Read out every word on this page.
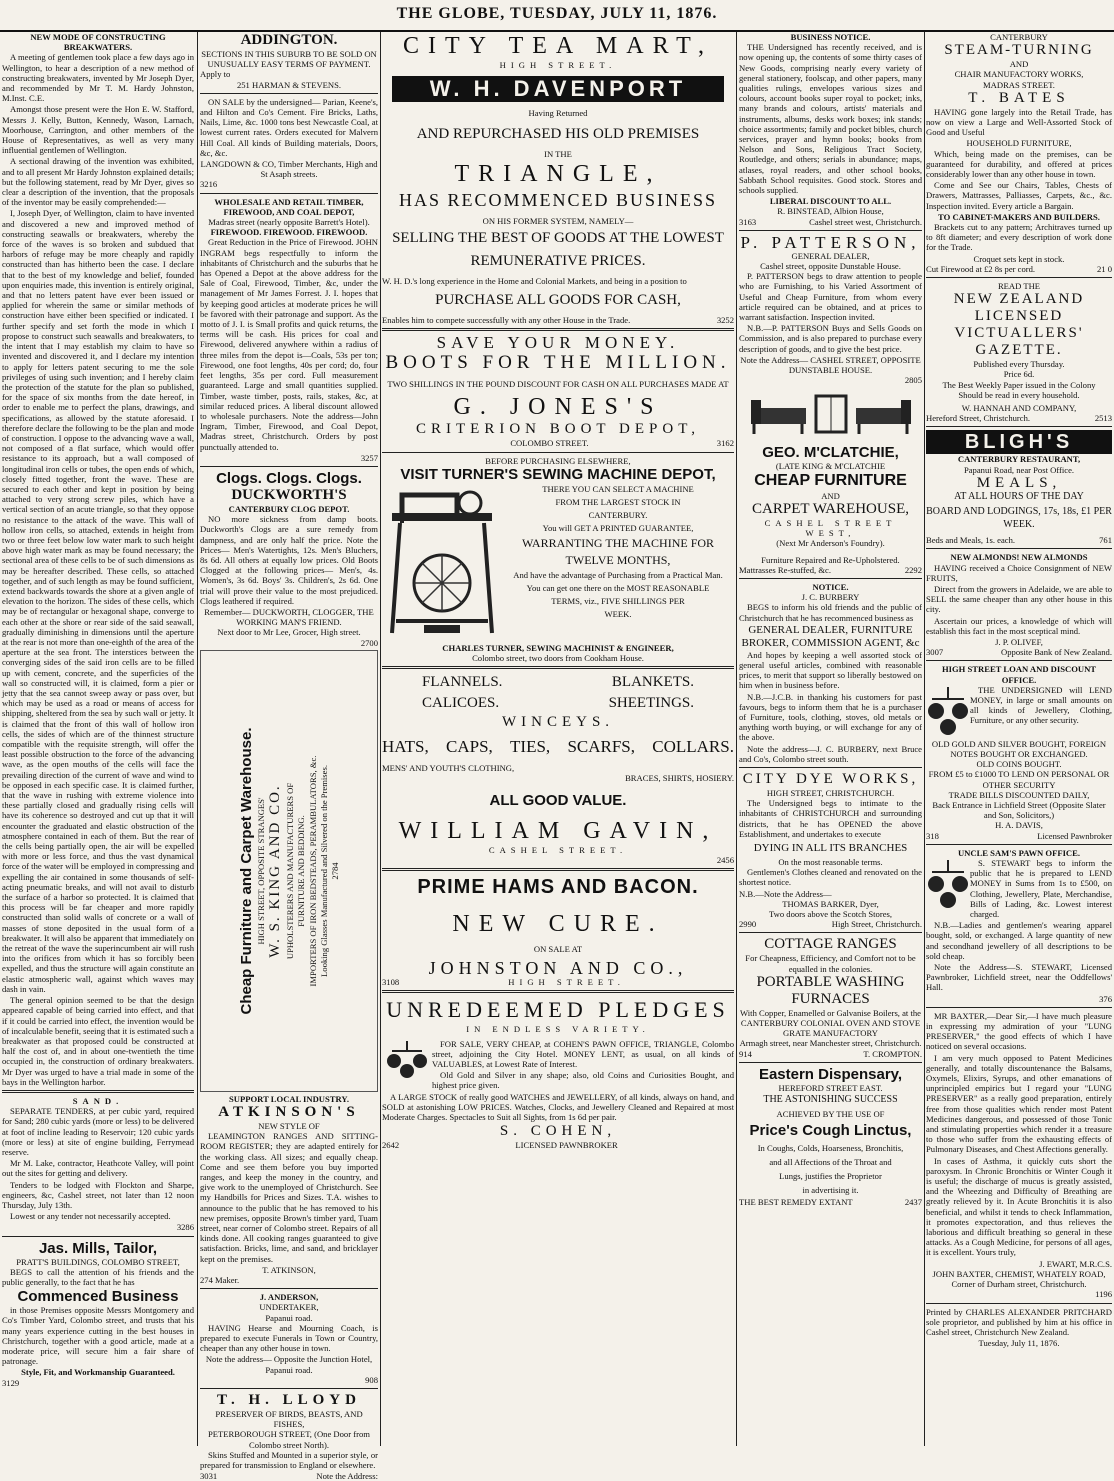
THE GLOBE, TUESDAY, JULY 11, 1876.
NEW MODE OF CONSTRUCTING BREAKWATERS.

A meeting of gentlemen took place a few days ago in Wellington, to hear a description of a new method of constructing breakwaters, invented by Mr Joseph Dyer, and recommended by Mr T. M. Hardy Johnston, M.Inst. C.E.

Amongst those present were the Hon E. W. Stafford, Messrs J. Kelly, Button, Kennedy, Wason, Larnach, Moorhouse, Carrington, and other members of the House of Representatives, as well as very many influential gentlemen of Wellington.

A sectional drawing of the invention was exhibited, and to all present Mr Hardy Johnston explained details; but the following statement, read by Mr Dyer, gives so clear a description of the invention, that the proposals of the inventor may be easily comprehended:—

I, Joseph Dyer, of Wellington, claim to have invented and discovered a new and improved method of constructing seawalls or breakwaters, whereby the force of the waves is so broken and subdued that harbors of refuge may be more cheaply and rapidly constructed than has hitherto been the case. I declare that to the best of my knowledge and belief, founded upon enquiries made, this invention is entirely original, and that no letters patent have ever been issued or applied for wherein the same or similar methods of construction have either been specified or indicated. I further specify and set forth the mode in which I propose to construct such seawalls and breakwaters, to the intent that I may establish my claim to have so invented and discovered it, and I declare my intention to apply for letters patent securing to me the sole privileges of using such invention; and I hereby claim the protection of the statute for the plan so published, for the space of six months from the date hereof, in order to enable me to perfect the plans, drawings, and specifications, as allowed by the statute aforesaid. I therefore declare the following to be the plan and mode of construction. I oppose to the advancing wave a wall, not composed of a flat surface, which would offer resistance to its approach, but a wall composed of longitudinal iron cells or tubes, the open ends of which, closely fitted together, front the wave. These are secured to each other and kept in position by being attached to very strong screw piles, which have a vertical section of an acute triangle, so that they oppose no resistance to the attack of the wave. This wall of hollow iron cells, so attached, extends in height from two or three feet below low water mark to such height above high water mark as may be found necessary; the sectional area of these cells to be of such dimensions as may be hereafter described. These cells, so attached together, and of such length as may be found sufficient, extend backwards towards the shore at a given angle of elevation to the horizon. The sides of these cells, which may be of rectangular or hexagonal shape, converge to each other at the shore or rear side of the said seawall, gradually diminishing in dimensions until the aperture at the rear is not more than one-eighth of the area of the aperture at the sea front. The interstices between the converging sides of the said iron cells are to be filled up with cement, concrete, and the superficies of the wall so constructed will, it is claimed, form a pier or jetty that the sea cannot sweep away or pass over, but which may be used as a road or means of access for shipping, sheltered from the sea by such wall or jetty. It is claimed that the front of this wall of hollow iron cells, the sides of which are of the thinnest structure compatible with the requisite strength, will offer the least possible obstruction to the force of the advancing wave, as the open mouths of the cells will face the prevailing direction of the current of wave and wind to be opposed in each specific case. It is claimed further, that the wave in rushing with extreme violence into these partially closed and gradually rising cells will have its coherence so destroyed and cut up that it will encounter the graduated and elastic obstruction of the atmosphere contained in each of them. But the rear of the cells being partially open, the air will be expelled with more or less force, and thus the vast dynamical force of the water will be employed in compressing and expelling the air contained in some thousands of self-acting pneumatic breaks, and will not avail to disturb the surface of a harbor so protected. It is claimed that this process will be far cheaper and more rapidly constructed than solid walls of concrete or a wall of masses of stone deposited in the usual form of a breakwater. It will also be apparent that immediately on the retreat of the wave the superincumbent air will rush into the orifices from which it has so forcibly been expelled, and thus the structure will again constitute an elastic atmospheric wall, against which waves may dash in vain.

The general opinion seemed to be that the design appeared capable of being carried into effect, and that if it could be carried into effect, the invention would be of incalculable benefit, seeing that it is estimated such a breakwater as that proposed could be constructed at half the cost of, and in about one-twentieth the time occupied in, the construction of ordinary breakwaters. Mr Dyer was urged to have a trial made in some of the bays in the Wellington harbor.

SAND.

SEPARATE TENDERS, at per cubic yard, required for Sand; 280 cubic yards (more or less) to be delivered at foot of incline leading to Reservoir; 120 cubic yards (more or less) at site of engine building, Ferrymead reserve.

Mr M. Lake, contractor, Heathcote Valley, will point out the sites for getting and delivery.

Tenders to be lodged with Flockton and Sharpe, engineers, &c, Cashel street, not later than 12 noon Thursday, July 13th.

Lowest or any tender not necessarily accepted.

3286
Jas. Mills, Tailor,
PRATT'S BUILDINGS, COLOMBO STREET,

BEGS to call the attention of his friends and the public generally, to the fact that he has

Commenced Business

in those Premises opposite Messrs Montgomery and Co's Timber Yard, Colombo street, and trusts that his many years experience cutting in the best houses in Christchurch, together with a good article, made at a moderate price, will secure him a fair share of patronage.

Style, Fit, and Workmanship Guaranteed.
3129
ADDINGTON.
SECTIONS IN THIS SUBURB TO BE SOLD ON UNUSUALLY EASY TERMS OF PAYMENT.
Apply to
251 HARMAN & STEVENS.

ON SALE by the undersigned— Parian, Keene's, and Hilton and Co's Cement. Fire Bricks, Laths, Nails, Lime, &c. 1000 tons best Newcastle Coal, at lowest current rates. Orders executed for Malvern Hill Coal. All kinds of Building materials, Doors, &c, &c.

LANGDOWN & CO, Timber Merchants, High and St Asaph streets.
3216
WHOLESALE AND RETAIL TIMBER, FIREWOOD, AND COAL DEPOT,
Madras street (nearly opposite Barrett's Hotel).
FIREWOOD. FIREWOOD. FIREWOOD.

Great Reduction in the Price of Firewood. JOHN INGRAM begs respectfully to inform the inhabitants of Christchurch and the suburbs that he has Opened a Depot at the above address for the Sale of Coal, Firewood, Timber, &c, under the management of Mr James Forrest. J. I. hopes that by keeping good articles at moderate prices he will be favored with their patronage and support. As the motto of J. I. is Small profits and quick returns, the terms will be cash. His prices for coal and Firewood, delivered anywhere within a radius of three miles from the depot is—Coals, 53s per ton; Firewood, one foot lengths, 40s per cord; do, four feet lengths, 35s per cord. Full measurement guaranteed. Large and small quantities supplied. Timber, waste timber, posts, rails, stakes, &c, at similar reduced prices. A liberal discount allowed to wholesale purchasers. Note the address—John Ingram, Timber, Firewood, and Coal Depot, Madras street, Christchurch. Orders by post punctually attended to.

3257
Clogs. Clogs. Clogs.
DUCKWORTH'S
CANTERBURY CLOG DEPOT.

NO more sickness from damp boots. Duckworth's Clogs are a sure remedy from dampness, and are only half the price. Note the Prices— Men's Watertights, 12s. Men's Bluchers, 8s 6d. All others at equally low prices. Old Boots Clogged at the following prices— Men's, 4s. Women's, 3s 6d. Boys' 3s. Children's, 2s 6d. One trial will prove their value to the most prejudiced. Clogs leathered if required.

Remember— DUCKWORTH, CLOGGER, THE WORKING MAN'S FRIEND.
Next door to Mr Lee, Grocer, High street.
2700
Cheap Furniture and Carpet Warehouse. HIGH STREET, OPPOSITE STRANGES' W. S. KING AND CO. UPHOLSTERERS AND MANUFACTURERS OF FURNITURE AND BEDDING. IMPORTERS OF IRON BEDSTEADS, PERAMBULATORS, &c. Looking Glasses Manufactured and Silvered on the Premises. 2784
SUPPORT LOCAL INDUSTRY.
ATKINSON'S
NEW STYLE OF

LEAMINGTON RANGES AND SITTING-ROOM REGISTER; they are adapted entirely for the working class. All sizes; and equally cheap. Come and see them before you buy imported ranges, and keep the money in the country, and give work to the unemployed of Christchurch. See my Handbills for Prices and Sizes. T.A. wishes to announce to the public that he has removed to his new premises, opposite Brown's timber yard, Tuam street, near corner of Colombo street. Repairs of all kinds done. All cooking ranges guaranteed to give satisfaction. Bricks, lime, and sand, and bricklayer kept on the premises.

T. ATKINSON,
274 Maker.
J. ANDERSON,
UNDERTAKER,
Papanui road.

HAVING Hearse and Mourning Coach, is prepared to execute Funerals in Town or Country, cheaper than any other house in town.

Note the address— Opposite the Junction Hotel, Papanui road.
908
T. H. LLOYD
PRESERVER OF BIRDS, BEASTS, AND FISHES,
PETERBOROUGH STREET, (One Door from Colombo street North).

Skins Stuffed and Mounted in a superior style, or prepared for transmission to England or elsewhere.

3031	Note the Address:
CITY TEA MART,
HIGH STREET.
W. H. DAVENPORT
Having Returned
AND REPURCHASED HIS OLD PREMISES
IN THE
TRIANGLE,
HAS RECOMMENCED BUSINESS
ON HIS FORMER SYSTEM, NAMELY—
SELLING THE BEST OF GOODS AT THE LOWEST
REMUNERATIVE PRICES.
W. H. D.'s long experience in the Home and Colonial Markets, and being in a position to
PURCHASE ALL GOODS FOR CASH,
Enables him to compete successfully with any other House in the Trade.	3252
SAVE YOUR MONEY.
BOOTS FOR THE MILLION.
TWO SHILLINGS IN THE POUND DISCOUNT FOR CASH ON ALL PURCHASES MADE AT
G. JONES'S
CRITERION BOOT DEPOT,
COLOMBO STREET.	3162
BEFORE PURCHASING ELSEWHERE,
VISIT TURNER'S SEWING MACHINE DEPOT,
THERE YOU CAN SELECT A MACHINE
FROM THE LARGEST STOCK IN
CANTERBURY.
You will GET A PRINTED GUARANTEE,
WARRANTING THE MACHINE FOR
TWELVE MONTHS,
And have the advantage of Purchasing from a Practical Man.
You can get one there on the MOST REASONABLE
TERMS, viz., FIVE SHILLINGS PER
WEEK.
CHARLES TURNER, SEWING MACHINIST & ENGINEER,
Colombo street, two doors from Cookham House.
FLANNELS.	BLANKETS.
CALICOES.	SHEETINGS.
WINCEYS.
HATS, CAPS, TIES, SCARFS, COLLARS.
MENS' AND YOUTH'S CLOTHING,
BRACES, SHIRTS, HOSIERY.
ALL GOOD VALUE.
WILLIAM GAVIN,
CASHEL STREET.
2456
PRIME HAMS AND BACON.
NEW CURE.
ON SALE AT
JOHNSTON AND CO.,
3108	HIGH STREET.
UNREDEEMED PLEDGES
IN ENDLESS VARIETY.

FOR SALE, VERY CHEAP, at COHEN'S PAWN OFFICE, TRIANGLE, Colombo street, adjoining the City Hotel. MONEY LENT, as usual, on all kinds of VALUABLES, at Lowest Rate of Interest.

Old Gold and Silver in any shape; also, old Coins and Curiosities Bought, and highest price given.

A LARGE STOCK of really good WATCHES and JEWELLERY, of all kinds, always on hand, and SOLD at astonishing LOW PRICES. Watches, Clocks, and Jewellery Cleaned and Repaired at most Moderate Charges. Spectacles to Suit all Sights, from 1s 6d per pair.

S. COHEN,
2642	LICENSED PAWNBROKER
BUSINESS NOTICE.

THE Undersigned has recently received, and is now opening up, the contents of some thirty cases of New Goods, comprising nearly every variety of general stationery, foolscap, and other papers, many qualities rulings, envelopes various sizes and colours, account books super royal to pocket; inks, many brands and colours, artists' materials and instruments, albums, desks work boxes; ink stands; choice assortments; family and pocket bibles, church services, prayer and hymn books; books from Nelson and Sons, Religious Tract Society, Routledge, and others; serials in abundance; maps, atlases, royal readers, and other school books, Sabbath School requisites. Good stock. Stores and schools supplied.

LIBERAL DISCOUNT TO ALL.
R. BINSTEAD, Albion House,
3163	Cashel street west, Christchurch.
P. PATTERSON,
GENERAL DEALER,
Cashel street, opposite Dunstable House.

P. PATTERSON begs to draw attention to people who are Furnishing, to his Varied Assortment of Useful and Cheap Furniture, from whom every article required can be obtained, and at prices to warrant satisfaction. Inspection invited.

N.B.—P. PATTERSON Buys and Sells Goods on Commission, and is also prepared to purchase every description of goods, and to give the best price.

Note the Address— CASHEL STREET, OPPOSITE DUNSTABLE HOUSE.
2805
GEO. M'CLATCHIE,
(LATE KING & M'CLATCHIE
CHEAP FURNITURE
AND
CARPET WAREHOUSE,
CASHEL STREET WEST,
(Next Mr Anderson's Foundry).
Furniture Repaired and Re-Upholstered.
Mattrasses Re-stuffed, &c.	2292
NOTICE.
J. C. BURBERY

BEGS to inform his old friends and the public of Christchurch that he has recommenced business as

GENERAL DEALER, FURNITURE BROKER, COMMISSION AGENT, &c

And hopes by keeping a well assorted stock of general useful articles, combined with reasonable prices, to merit that support so liberally bestowed on him when in business before.

N.B.—J.C.B. in thanking his customers for past favours, begs to inform them that he is a purchaser of Furniture, tools, clothing, stoves, old metals or anything worth buying, or will exchange for any of the above.

Note the address—J. C. BURBERY, next Bruce and Co's, Colombo street south.

CITY DYE WORKS,
HIGH STREET, CHRISTCHURCH.

The Undersigned begs to intimate to the inhabitants of CHRISTCHURCH and surrounding districts, that he has OPENED the above Establishment, and undertakes to execute

DYING IN ALL ITS BRANCHES
On the most reasonable terms.

Gentlemen's Clothes cleaned and renovated on the shortest notice.

N.B.—Note the Address—
THOMAS BARKER, Dyer,
Two doors above the Scotch Stores,
2990	High Street, Christchurch.
COTTAGE RANGES
For Cheapness, Efficiency, and Comfort not to be equalled in the colonies.
PORTABLE WASHING FURNACES
With Copper, Enamelled or Galvanise Boilers, at the
CANTERBURY COLONIAL OVEN AND STOVE GRATE MANUFACTORY
Armagh street, near Manchester street, Christchurch.
914	T. CROMPTON.
Eastern Dispensary,
HEREFORD STREET EAST.
THE ASTONISHING SUCCESS
ACHIEVED BY THE USE OF
Price's Cough Linctus,
In Coughs, Colds, Hoarseness, Bronchitis,
and all Affections of the Throat and
Lungs, justifies the Proprietor
in advertising it.
THE BEST REMEDY EXTANT	2437
CANTERBURY
STEAM-TURNING
AND
CHAIR MANUFACTORY WORKS,
MADRAS STREET.
T. BATES

HAVING gone largely into the Retail Trade, has now on view a Large and Well-Assorted Stock of Good and Useful

HOUSEHOLD FURNITURE,

Which, being made on the premises, can be guaranteed for durability, and offered at prices considerably lower than any other house in town.

Come and See our Chairs, Tables, Chests of Drawers, Mattrasses, Palliasses, Carpets, &c., &c. Inspection invited. Every article a Bargain.

TO CABINET-MAKERS AND BUILDERS.

Brackets cut to any pattern; Architraves turned up to 8ft diameter; and every description of work done for the Trade.

Croquet sets kept in stock.
Cut Firewood at £2 8s per cord.	21 0
READ THE
NEW ZEALAND LICENSED
VICTUALLERS' GAZETTE.
Published every Thursday.
Price 6d.
The Best Weekly Paper issued in the Colony
Should be read in every household.
W. HANNAH AND COMPANY,
Hereford Street, Christchurch.	2513
BLIGH'S
CANTERBURY RESTAURANT,
Papanui Road, near Post Office.
MEALS,
AT ALL HOURS OF THE DAY
BOARD AND LODGINGS, 17s, 18s, £1 PER WEEK.
Beds and Meals, 1s. each.	761
NEW ALMONDS! NEW ALMONDS

HAVING received a Choice Consignment of NEW FRUITS,

Direct from the growers in Adelaide, we are able to SELL the same cheaper than any other house in this city.

Ascertain our prices, a knowledge of which will establish this fact in the most sceptical mind.

J. P. OLIVEF,
3007	Opposite Bank of New Zealand.
HIGH STREET LOAN AND DISCOUNT OFFICE.

THE UNDERSIGNED will LEND MONEY, in large or small amounts on all kinds of Jewellery, Clothing, Furniture, or any other security.

OLD GOLD AND SILVER BOUGHT, FOREIGN NOTES BOUGHT OR EXCHANGED.
OLD COINS BOUGHT.
FROM £5 to £1000 TO LEND ON PERSONAL OR OTHER SECURITY
TRADE BILLS DISCOUNTED DAILY,
Back Entrance in Lichfield Street (Opposite Slater and Son, Solicitors,)
H. A. DAVIS,
318	Licensed Pawnbroker
UNCLE SAM'S PAWN OFFICE.

S. STEWART begs to inform the public that he is prepared to LEND MONEY in Sums from 1s to £500, on Clothing, Jewellery, Plate, Merchandise, Bills of Lading, &c. Lowest interest charged.

N.B.—Ladies and gentlemen's wearing apparel bought, sold, or exchanged. A large quantity of new and secondhand jewellery of all descriptions to be sold cheap.

Note the Address—S. STEWART, Licensed Pawnbroker, Lichfield street, near the Oddfellows' Hall.

376

MR BAXTER,—Dear Sir,—I have much pleasure in expressing my admiration of your "LUNG PRESERVER," the good effects of which I have noticed on several occasions.

I am very much opposed to Patent Medicines generally, and totally discountenance the Balsams, Oxymels, Elixirs, Syrups, and other emanations of unprincipled empirics but I regard your "LUNG PRESERVER" as a really good preparation, entirely free from those qualities which render most Patent Medicines dangerous, and possessed of those Tonic and stimulating properties which render it a treasure to those who suffer from the exhausting effects of Pulmonary Diseases, and Chest Affections generally.

In cases of Asthma, it quickly cuts short the paroxysm. In Chronic Bronchitis or Winter Cough it is useful; the discharge of mucus is greatly assisted, and the Wheezing and Difficulty of Breathing are greatly relieved by it. In Acute Bronchitis it is also beneficial, and whilst it tends to check Inflammation, it promotes expectoration, and thus relieves the laborious and difficult breathing so general in these attacks. As a Cough Medicine, for persons of all ages, it is excellent. Yours truly,

J. EWART, M.R.C.S.
JOHN BAXTER, CHEMIST, WHATELY ROAD,
Corner of Durham street, Christchurch.
1196

Printed by CHARLES ALEXANDER PRITCHARD sole proprietor, and published by him at his office in Cashel street, Christchurch New Zealand.

Tuesday, July 11, 1876.
